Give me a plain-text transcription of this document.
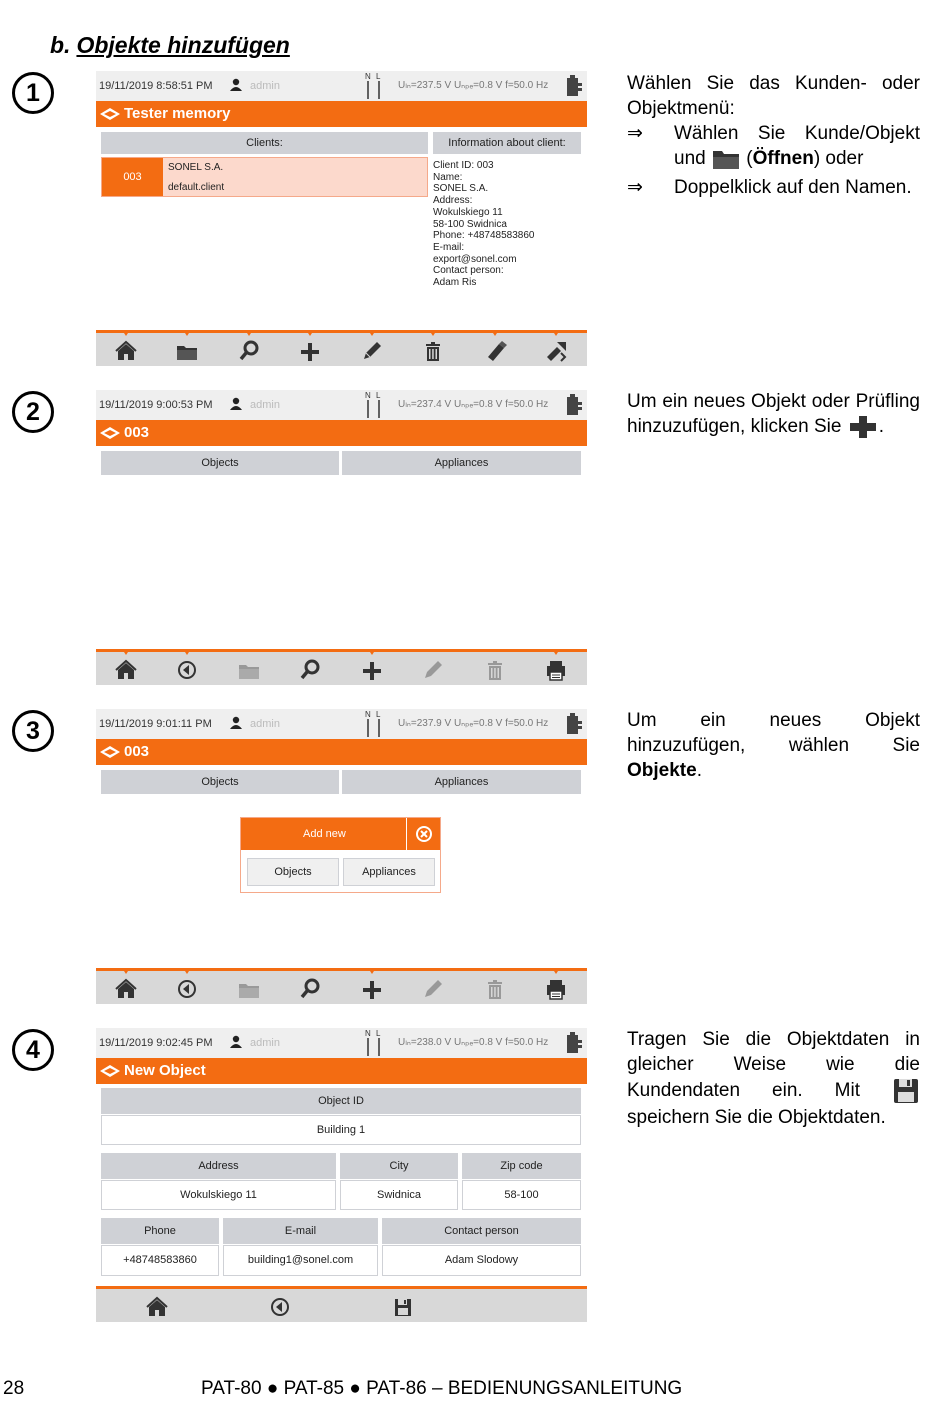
b. Objekte hinzufügen
1
2
3
4
19/11/2019 8:58:51 PM	admin
N L
Uₗₙ=237.5 V Uₙₚₑ=0.8 V f=50.0 Hz
Tester memory
Clients:	Information about client:
003
SONEL S.A.
default.client
Client ID: 003
Name:
SONEL S.A.
Address:
Wokulskiego 11
58-100 Swidnica
Phone: +48748583860
E-mail:
export@sonel.com
Contact person:
Adam Ris
19/11/2019 9:00:53 PM	admin
N L
Uₗₙ=237.4 V Uₙₚₑ=0.8 V f=50.0 Hz
003
Objects	Appliances
19/11/2019 9:01:11 PM	admin
N L
Uₗₙ=237.9 V Uₙₚₑ=0.8 V f=50.0 Hz
003
Objects	Appliances
Add new
Objects	Appliances
19/11/2019 9:02:45 PM	admin
N L
Uₗₙ=238.0 V Uₙₚₑ=0.8 V f=50.0 Hz
New Object
Object ID
Building 1
Address	City	Zip code
Wokulskiego 11	Swidnica	58-100
Phone	E-mail	Contact person
+48748583860	building1@sonel.com	Adam Slodowy
Wählen Sie das Kunden- oder Objektmenü:
⇒ Wählen Sie Kunde/Objekt und  (Öffnen) oder
⇒ Doppelklick auf den Namen.
Um ein neues Objekt oder Prüfling hinzuzufügen, klicken Sie .
Um ein neues Objekt hinzuzufügen, wählen Sie Objekte.
Tragen Sie die Objektdaten in gleicher Weise wie die Kundendaten ein. Mit  speichern Sie die Objektdaten.
28	PAT-80 ● PAT-85 ● PAT-86 – BEDIENUNGSANLEITUNG
